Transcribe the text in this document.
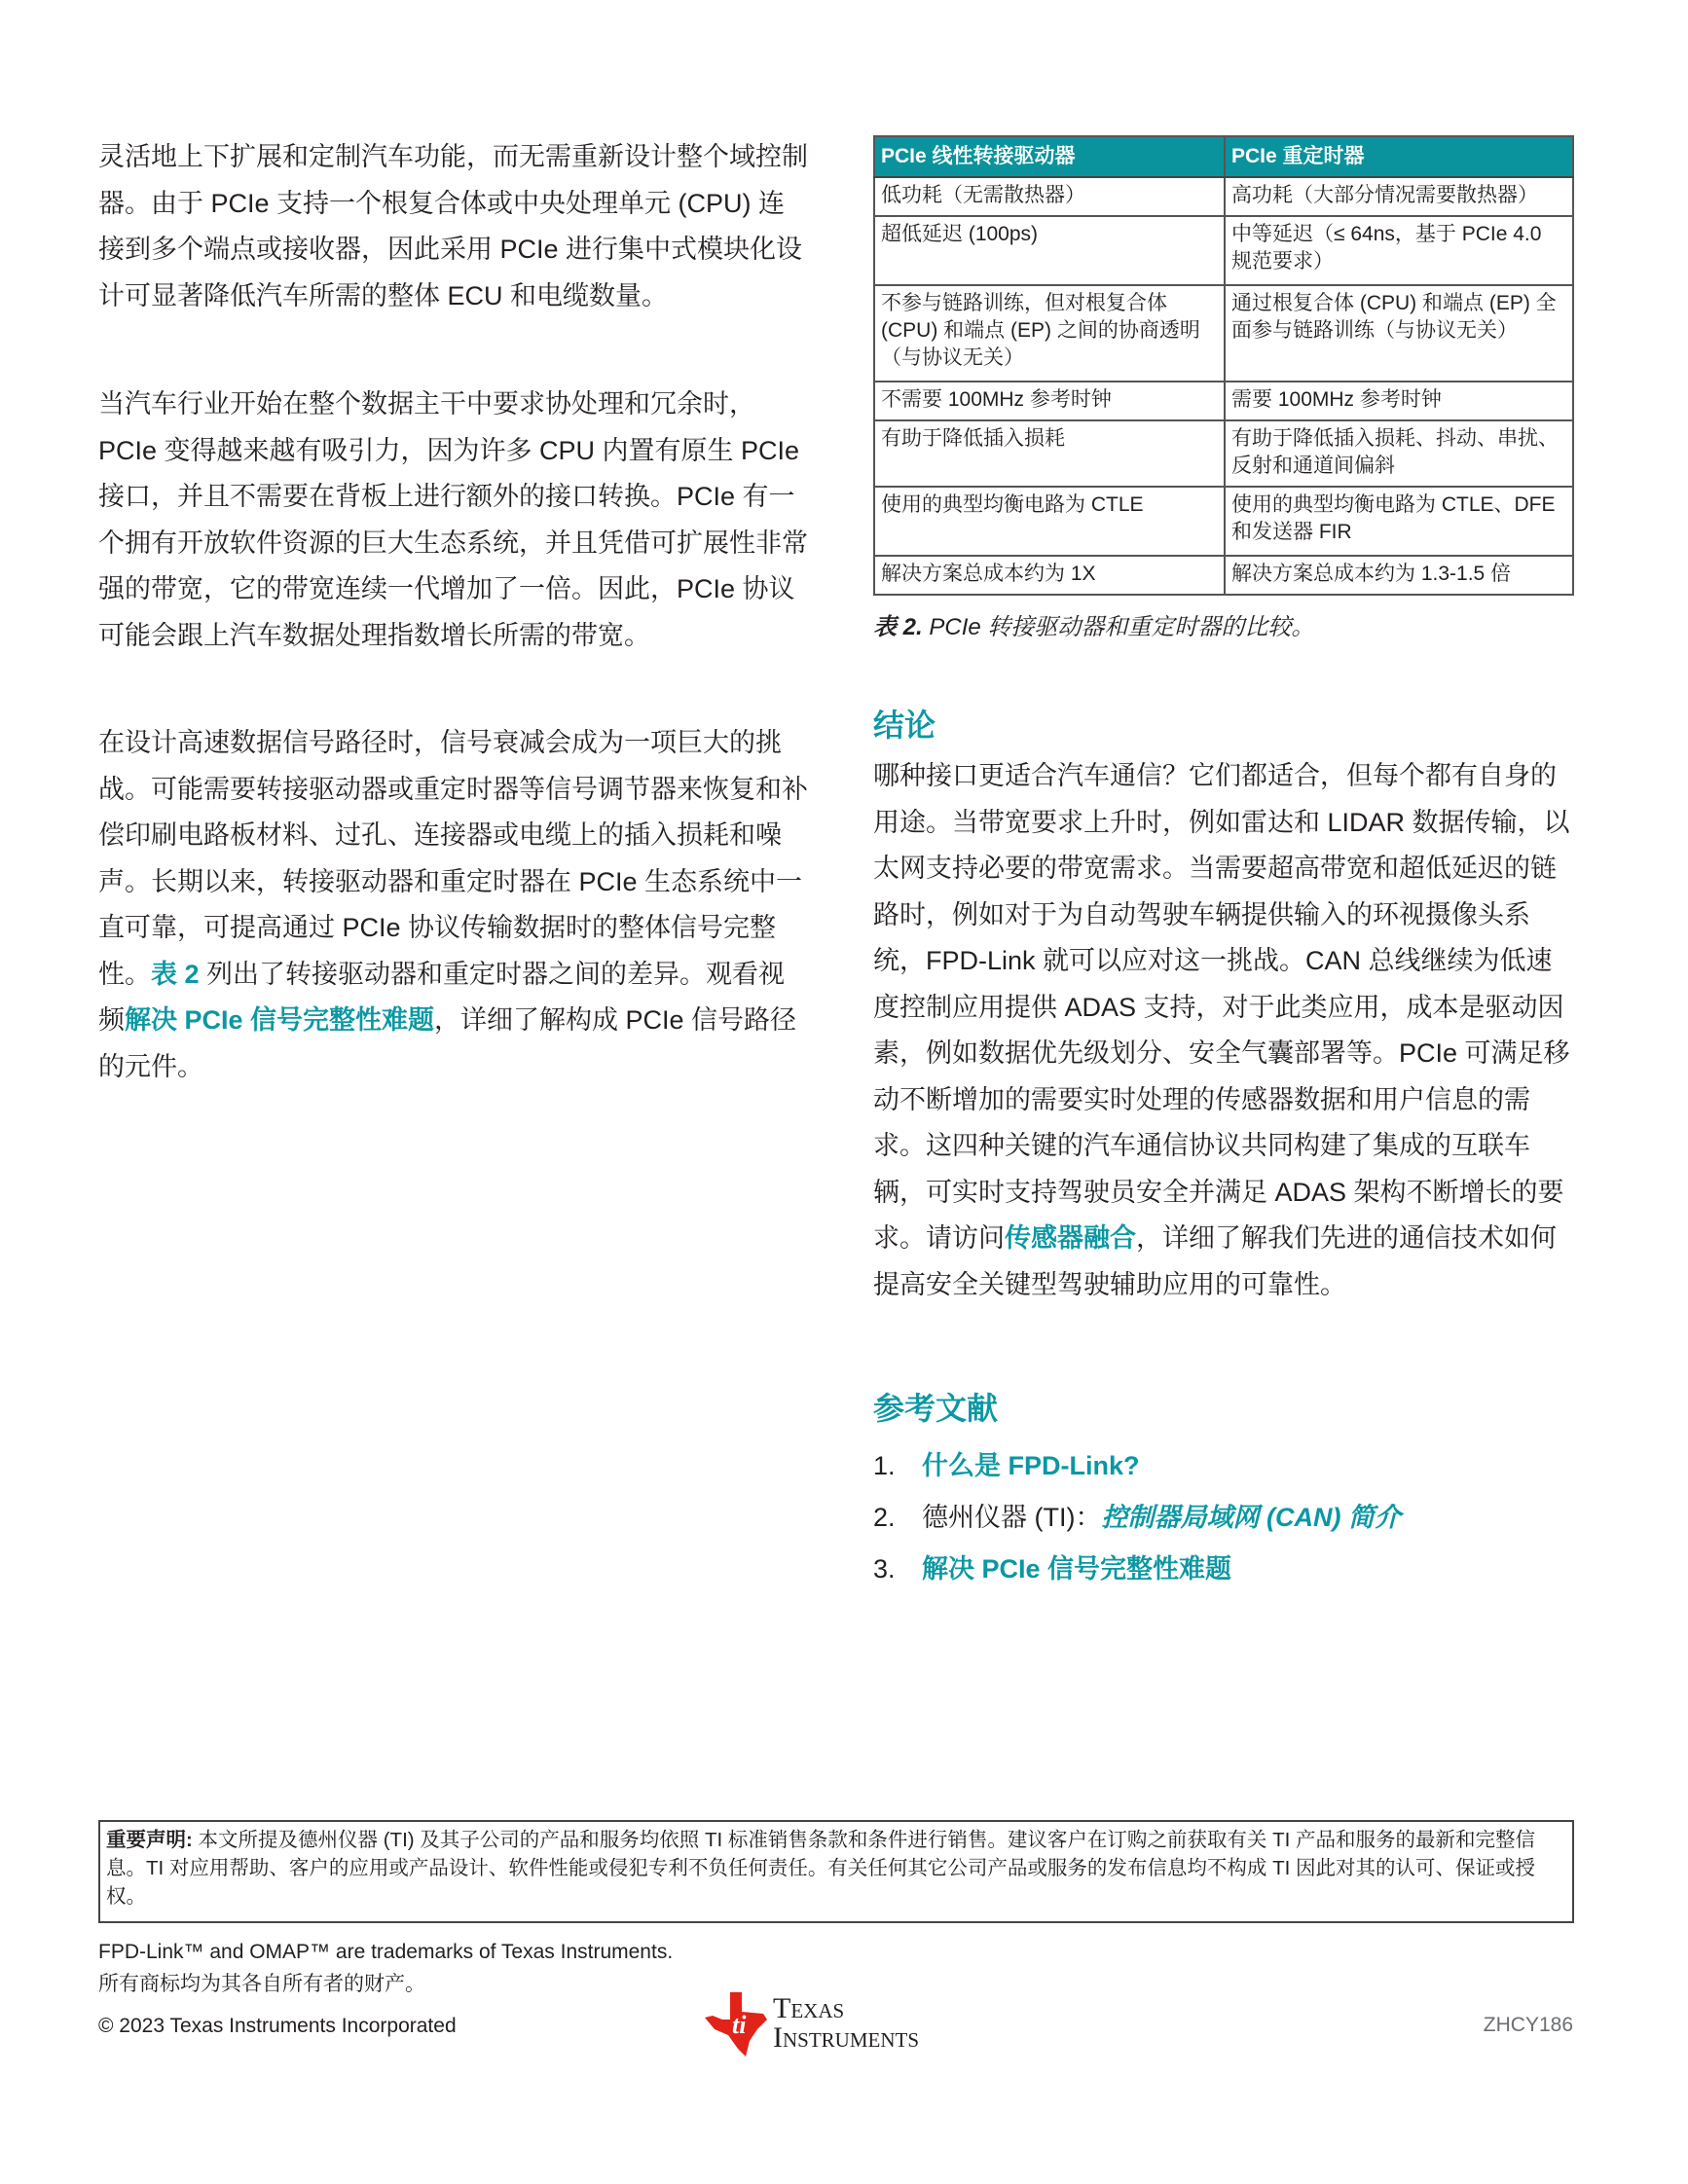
灵活地上下扩展和定制汽车功能，而无需重新设计整个域控制器。由于 PCIe 支持一个根复合体或中央处理单元 (CPU) 连接到多个端点或接收器，因此采用 PCIe 进行集中式模块化设计可显著降低汽车所需的整体 ECU 和电缆数量。

当汽车行业开始在整个数据主干中要求协处理和冗余时，PCIe 变得越来越有吸引力，因为许多 CPU 内置有原生 PCIe 接口，并且不需要在背板上进行额外的接口转换。PCIe 有一个拥有开放软件资源的巨大生态系统，并且凭借可扩展性非常强的带宽，它的带宽连续一代增加了一倍。因此，PCIe 协议可能会跟上汽车数据处理指数增长所需的带宽。

在设计高速数据信号路径时，信号衰减会成为一项巨大的挑战。可能需要转接驱动器或重定时器等信号调节器来恢复和补偿印刷电路板材料、过孔、连接器或电缆上的插入损耗和噪声。长期以来，转接驱动器和重定时器在 PCIe 生态系统中一直可靠，可提高通过 PCIe 协议传输数据时的整体信号完整性。表 2 列出了转接驱动器和重定时器之间的差异。观看视频解决 PCIe 信号完整性难题，详细了解构成 PCIe 信号路径的元件。

PCIe 线性转接驱动器	PCIe 重定时器
低功耗（无需散热器）	高功耗（大部分情况需要散热器）
超低延迟 (100ps)	中等延迟（≤ 64ns，基于 PCIe 4.0 规范要求）
不参与链路训练，但对根复合体 (CPU) 和端点 (EP) 之间的协商透明（与协议无关）	通过根复合体 (CPU) 和端点 (EP) 全面参与链路训练（与协议无关）
不需要 100MHz 参考时钟	需要 100MHz 参考时钟
有助于降低插入损耗	有助于降低插入损耗、抖动、串扰、反射和通道间偏斜
使用的典型均衡电路为 CTLE	使用的典型均衡电路为 CTLE、DFE 和发送器 FIR
解决方案总成本约为 1X	解决方案总成本约为 1.3-1.5 倍
表 2. PCIe 转接驱动器和重定时器的比较。
结论

哪种接口更适合汽车通信？它们都适合，但每个都有自身的用途。当带宽要求上升时，例如雷达和 LIDAR 数据传输，以太网支持必要的带宽需求。当需要超高带宽和超低延迟的链路时，例如对于为自动驾驶车辆提供输入的环视摄像头系统，FPD-Link 就可以应对这一挑战。CAN 总线继续为低速度控制应用提供 ADAS 支持，对于此类应用，成本是驱动因素，例如数据优先级划分、安全气囊部署等。PCIe 可满足移动不断增加的需要实时处理的传感器数据和用户信息的需求。这四种关键的汽车通信协议共同构建了集成的互联车辆，可实时支持驾驶员安全并满足 ADAS 架构不断增长的要求。请访问传感器融合，详细了解我们先进的通信技术如何提高安全关键型驾驶辅助应用的可靠性。

参考文献
1. 什么是 FPD-Link?
2. 德州仪器 (TI)：控制器局域网 (CAN) 简介
3. 解决 PCIe 信号完整性难题
重要声明: 本文所提及德州仪器 (TI) 及其子公司的产品和服务均依照 TI 标准销售条款和条件进行销售。建议客户在订购之前获取有关 TI 产品和服务的最新和完整信息。TI 对应用帮助、客户的应用或产品设计、软件性能或侵犯专利不负任何责任。有关任何其它公司产品或服务的发布信息均不构成 TI 因此对其的认可、保证或授权。
FPD-Link™ and OMAP™ are trademarks of Texas Instruments.
所有商标均为其各自所有者的财产。
© 2023 Texas Instruments Incorporated	ti
Texas
Instruments	ZHCY186
